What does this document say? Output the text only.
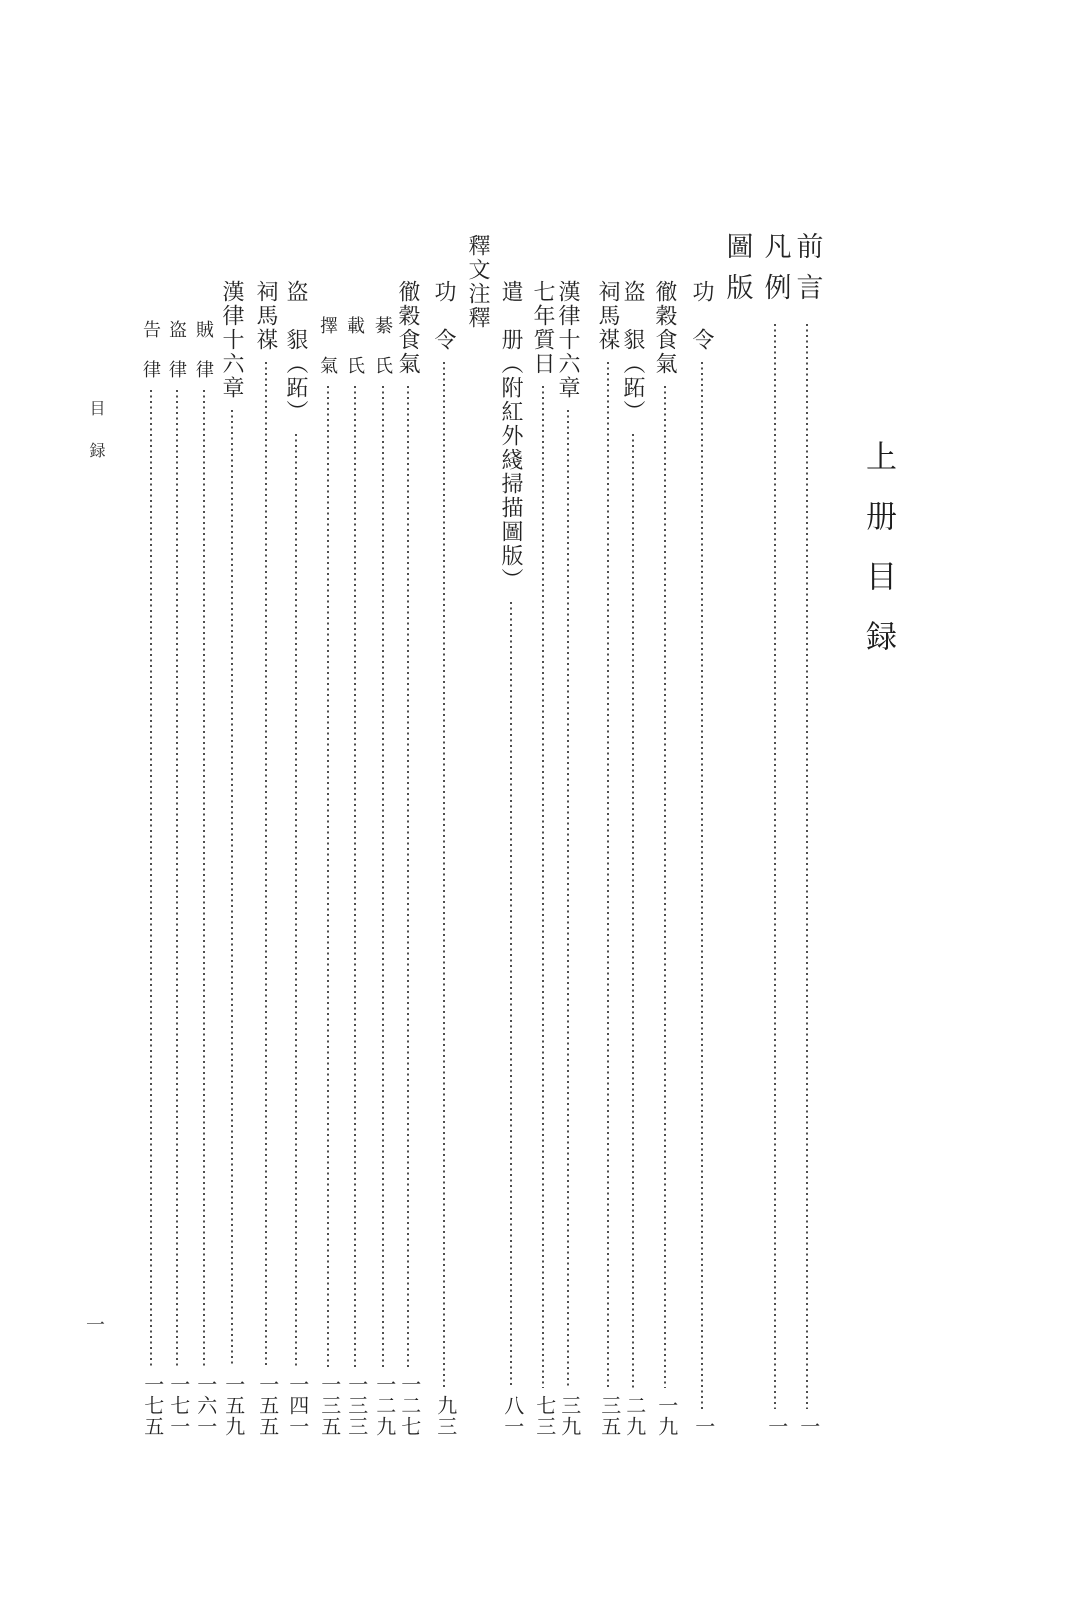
上册目録
目録
一
前言
一
凡例
一
圖版
功　令
一
徹穀食氣
一九
盗　貇（跖）
二九
祠馬禖
三五
漢律十六章
三九
七年質日
七三
遣　册（附紅外綫掃描圖版）
八一
釋文注釋
功　令
九三
徹穀食氣
一二七
綦　氏
一二九
載　氏
一三三
擇　氣
一三五
盗　貇（跖）
一四一
祠馬禖
一五五
漢律十六章
一五九
賊　律
一六一
盗　律
一七一
告　律
一七五
